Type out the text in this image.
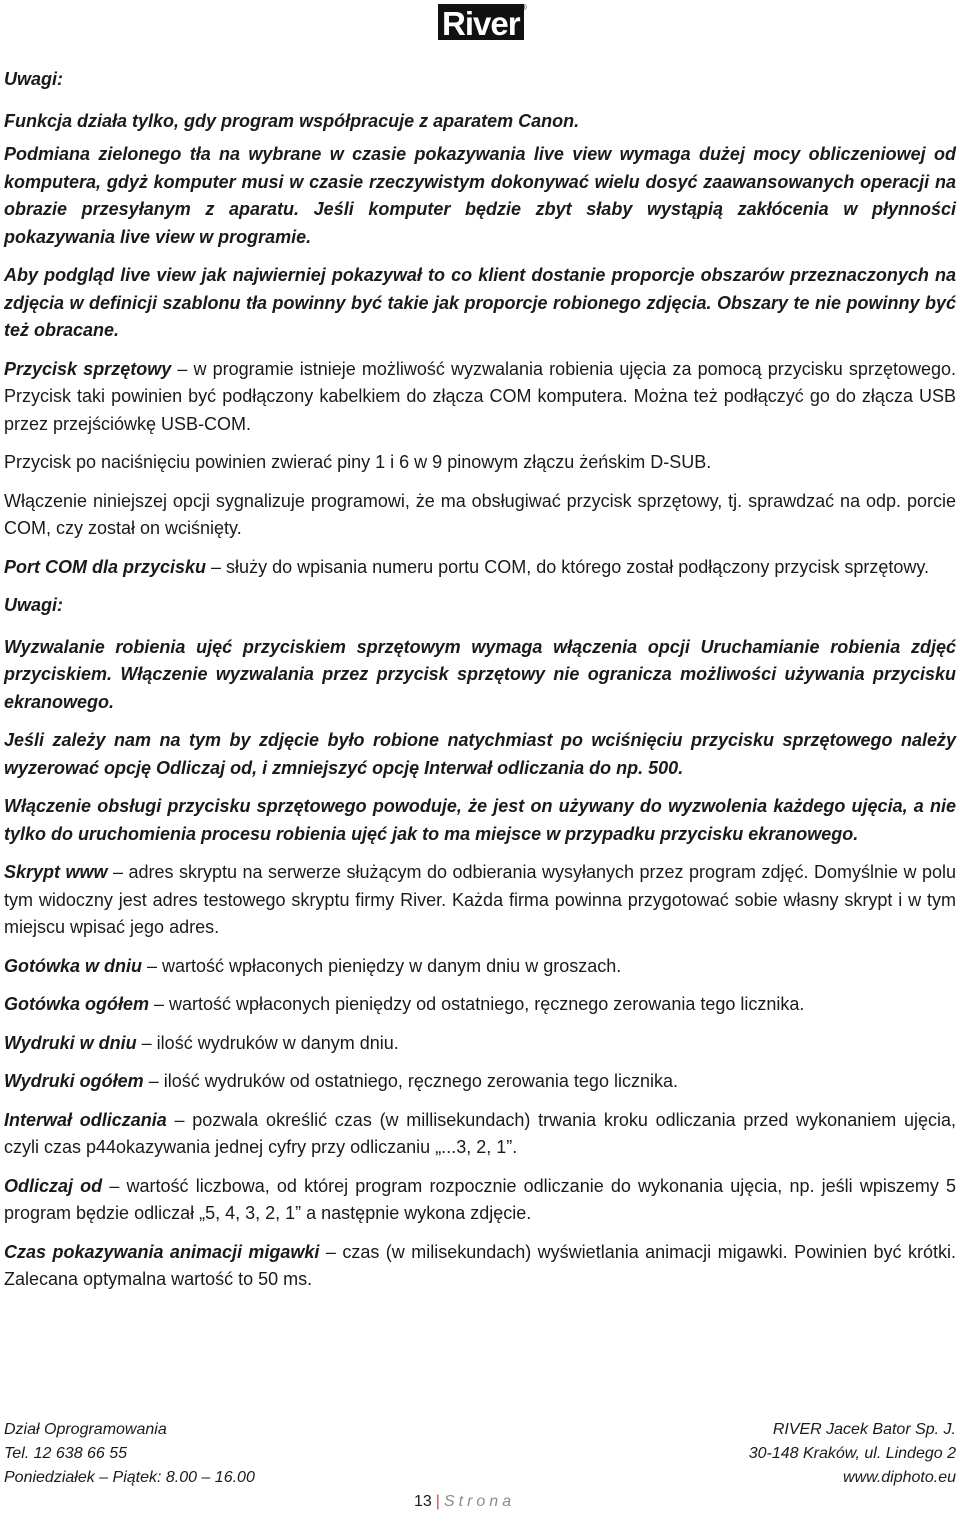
River ®

Uwagi:

Funkcja działa tylko, gdy program współpracuje z aparatem Canon.

Podmiana zielonego tła na wybrane w czasie pokazywania live view wymaga dużej mocy obliczeniowej od komputera, gdyż komputer musi w czasie rzeczywistym dokonywać wielu dosyć zaawansowanych operacji na obrazie przesyłanym z aparatu. Jeśli komputer będzie zbyt słaby wystąpią zakłócenia w płynności pokazywania live view w programie.

Aby podgląd live view jak najwierniej pokazywał to co klient dostanie proporcje obszarów przeznaczonych na zdjęcia w definicji szablonu tła powinny być takie jak proporcje robionego zdjęcia. Obszary te nie powinny być też obracane.

Przycisk sprzętowy – w programie istnieje możliwość wyzwalania robienia ujęcia za pomocą przycisku sprzętowego. Przycisk taki powinien być podłączony kabelkiem do złącza COM komputera. Można też podłączyć go do złącza USB przez przejściówkę USB-COM.

Przycisk po naciśnięciu powinien zwierać piny 1 i 6 w 9 pinowym złączu żeńskim D-SUB.

Włączenie niniejszej opcji sygnalizuje programowi, że ma obsługiwać przycisk sprzętowy, tj. sprawdzać na odp. porcie COM, czy został on wciśnięty.

Port COM dla przycisku – służy do wpisania numeru portu COM, do którego został podłączony przycisk sprzętowy.

Uwagi:

Wyzwalanie robienia ujęć przyciskiem sprzętowym wymaga włączenia opcji Uruchamianie robienia zdjęć przyciskiem. Włączenie wyzwalania przez przycisk sprzętowy nie ogranicza możliwości używania przycisku ekranowego.

Jeśli zależy nam na tym by zdjęcie było robione natychmiast po wciśnięciu przycisku sprzętowego należy wyzerować opcję Odliczaj od, i zmniejszyć opcję Interwał odliczania do np. 500.

Włączenie obsługi przycisku sprzętowego powoduje, że jest on używany do wyzwolenia każdego ujęcia, a nie tylko do uruchomienia procesu robienia ujęć jak to ma miejsce w przypadku przycisku ekranowego.

Skrypt www – adres skryptu na serwerze służącym do odbierania wysyłanych przez program zdjęć. Domyślnie w polu tym widoczny jest adres testowego skryptu firmy River. Każda firma powinna przygotować sobie własny skrypt i w tym miejscu wpisać jego adres.

Gotówka w dniu – wartość wpłaconych pieniędzy w danym dniu w groszach.

Gotówka ogółem – wartość wpłaconych pieniędzy od ostatniego, ręcznego zerowania tego licznika.

Wydruki w dniu – ilość wydruków w danym dniu.

Wydruki ogółem – ilość wydruków od ostatniego, ręcznego zerowania tego licznika.

Interwał odliczania – pozwala określić czas (w millisekundach) trwania kroku odliczania przed wykonaniem ujęcia, czyli czas p44okazywania jednej cyfry przy odliczaniu „...3, 2, 1”.

Odliczaj od – wartość liczbowa, od której program rozpocznie odliczanie do wykonania ujęcia, np. jeśli wpiszemy 5 program będzie odliczał „5, 4, 3, 2, 1” a następnie wykona zdjęcie.

Czas pokazywania animacji migawki – czas (w milisekundach) wyświetlania animacji migawki. Powinien być krótki. Zalecana optymalna wartość to 50 ms.

Dział Oprogramowania	RIVER Jacek Bator Sp. J.
Tel. 12 638 66 55	30-148 Kraków, ul. Lindego 2
Poniedziałek – Piątek: 8.00 – 16.00	www.diphoto.eu
13 | Strona
